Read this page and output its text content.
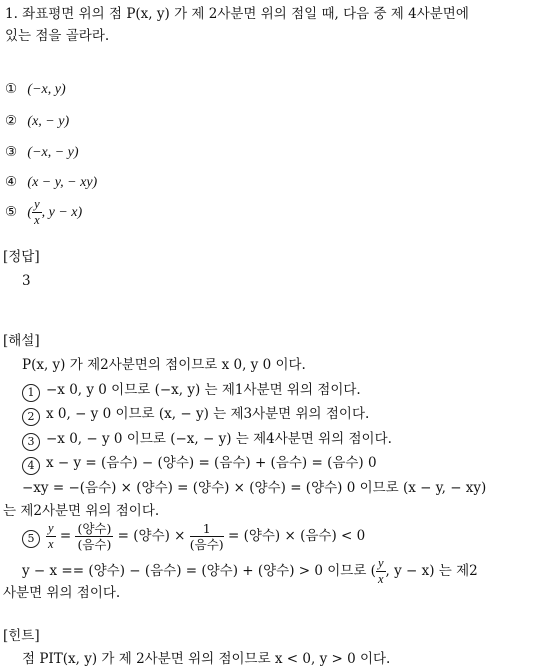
1. 좌표평면 위의 점 P(x, y) 가 제 2사분면 위의 점일 때, 다음 중 제 4사분면에
있는 점을 골라라.
① (−x, y)
② (x, − y)
③ (−x, − y)
④ (x − y, − xy)
⑤ ( $\frac{y}{x}$ , y − x)
[정답]
3
[해설]
P(x, y) 가 제2사분면의 점이므로 x 0, y 0 이다.
1 −x 0, y 0 이므로 (−x, y) 는 제1사분면 위의 점이다.
2 x 0, − y 0 이므로 (x, − y) 는 제3사분면 위의 점이다.
3 −x 0, − y 0 이므로 (−x, − y) 는 제4사분면 위의 점이다.
4 x − y = (음수) − (양수) = (음수) + (음수) = (음수) 0
−xy = −(음수) × (양수) = (양수) × (양수) = (양수) 0 이므로 (x − y, − xy)
는 제2사분면 위의 점이다.
$5 \frac{y}{x}$ = (양수)
(음수)
= (양수) ×	1
(음수)
= (양수) × (음수) < 0
y − x == (양수) − (음수) = (양수) + (양수) > 0 이므로 ( $\frac{y}{x}$ , y − x) 는 제2
사분면 위의 점이다.
[힌트]
점 PIT(x, y) 가 제 2사분면 위의 점이므로 x < 0, y > 0 이다.
